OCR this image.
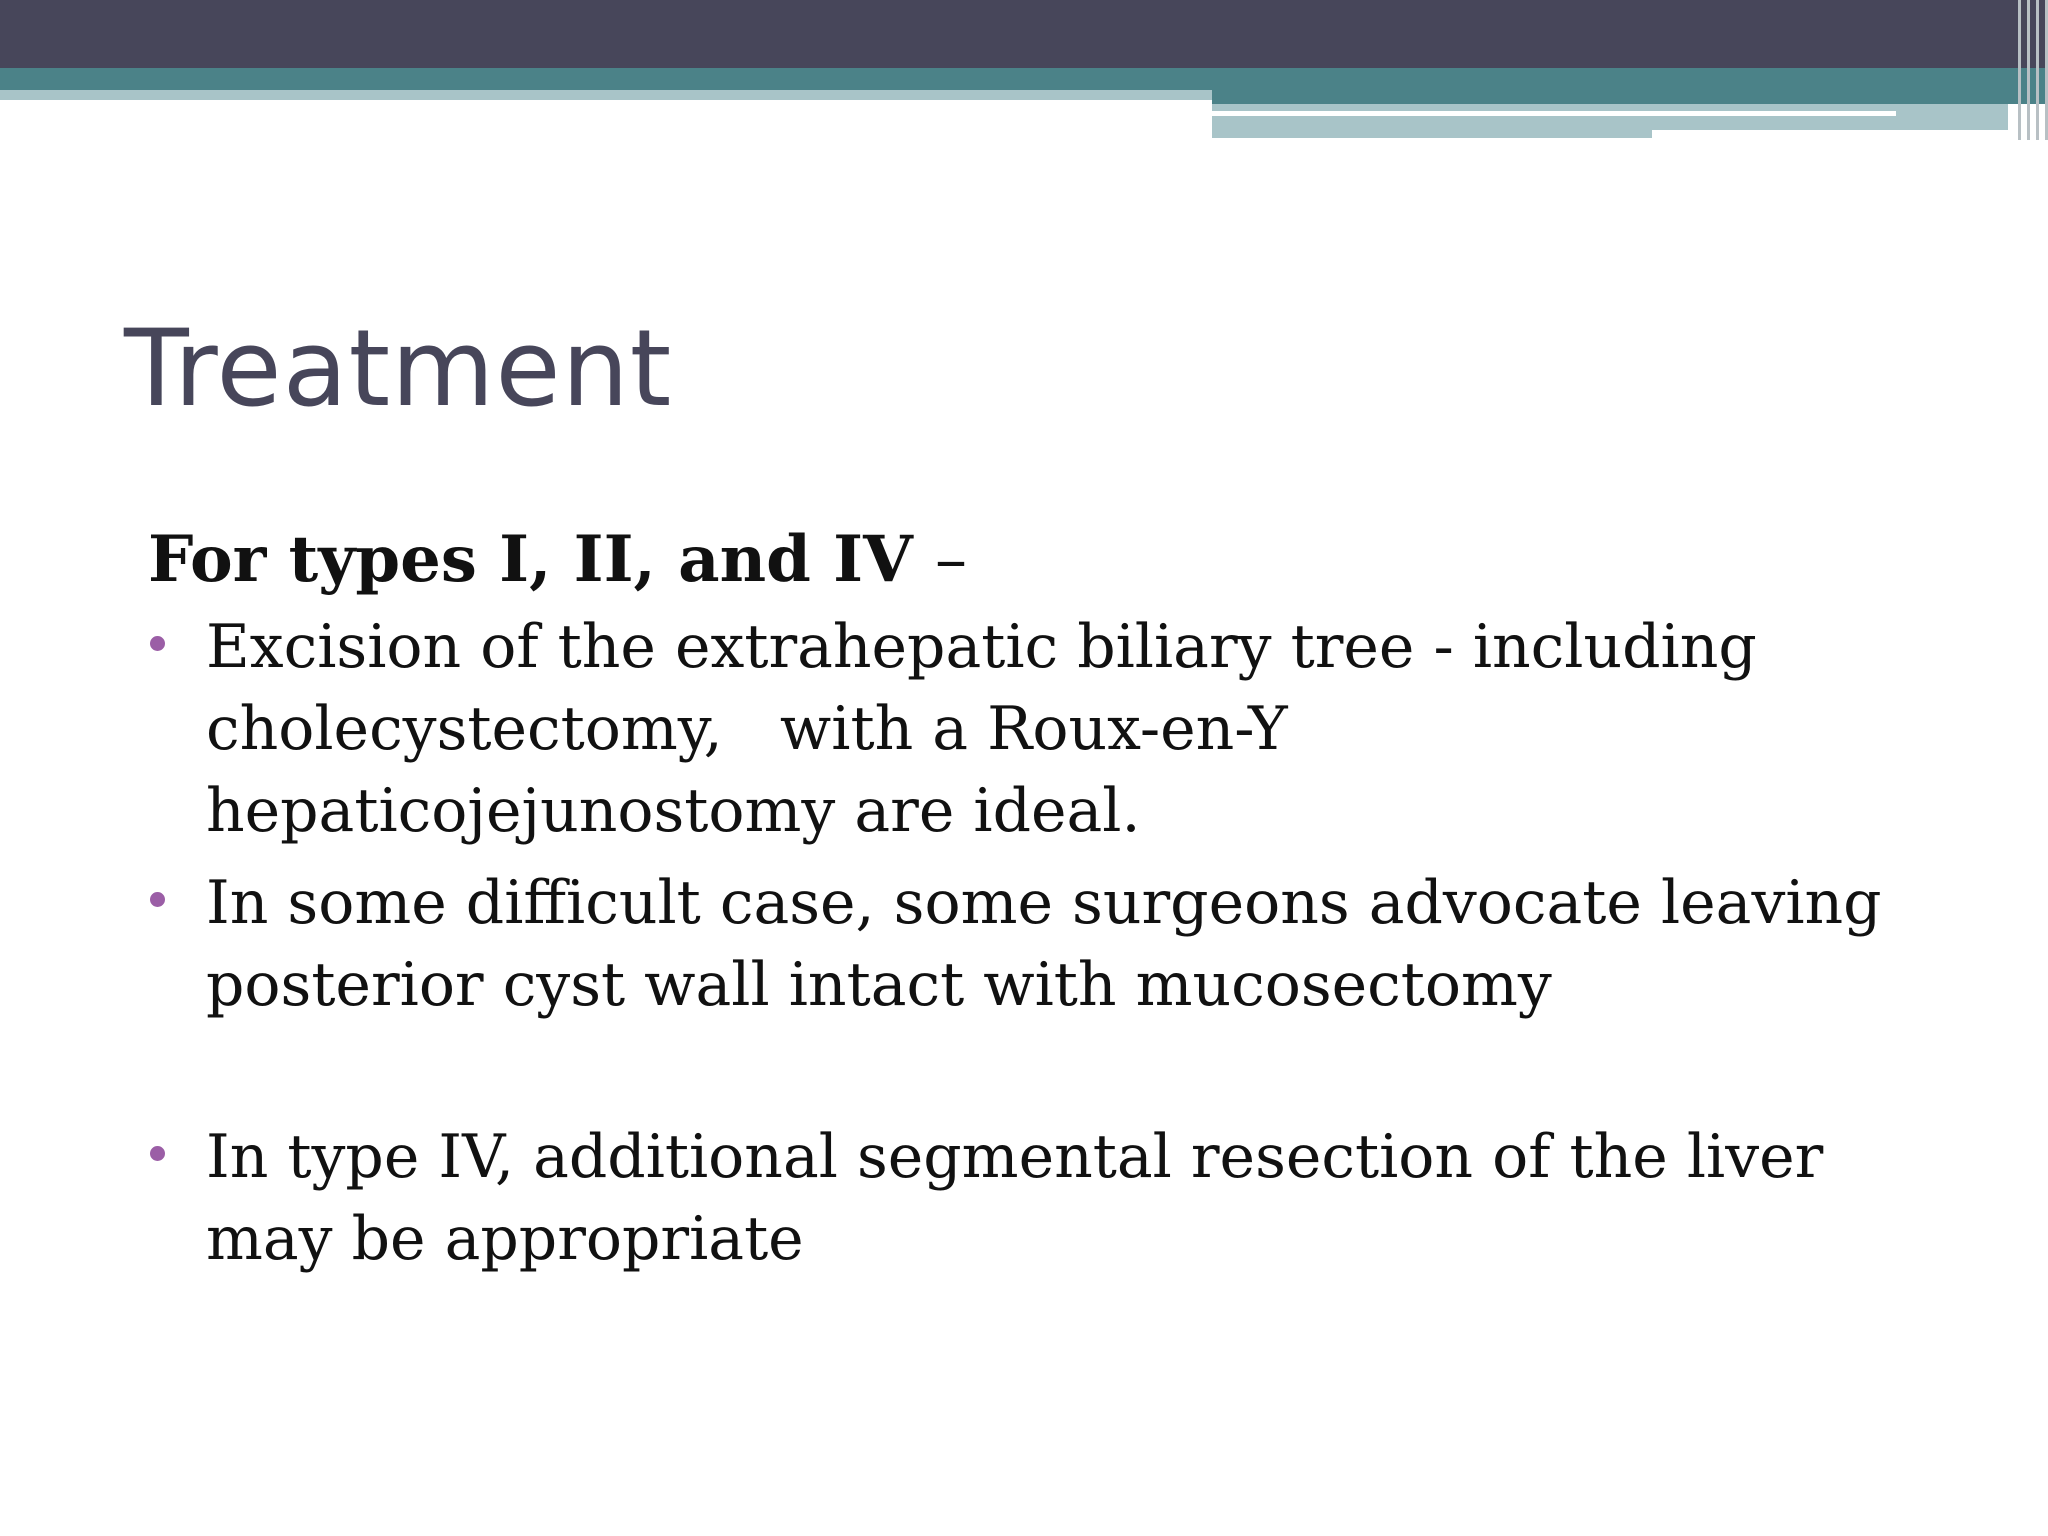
Treatment

For types I, II, and IV –

Excision of the extrahepatic biliary tree - including cholecystectomy,   with a Roux-en-Y hepaticojejunostomy are ideal.
In some difficult case, some surgeons advocate leaving posterior cyst wall intact with mucosectomy
In type IV, additional segmental resection of the liver may be appropriate
